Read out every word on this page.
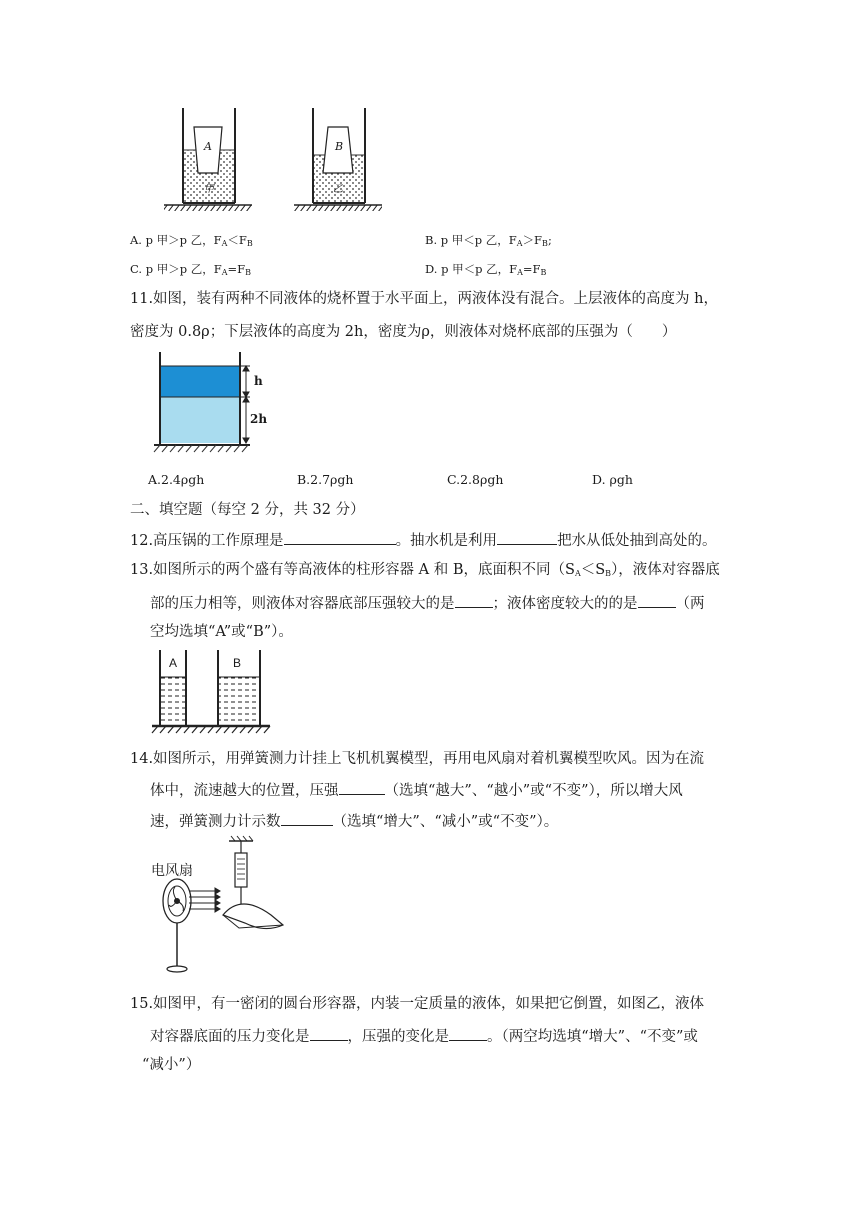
A
甲
B
乙
A. p 甲＞p 乙，$F_A<F_B$	B. p 甲＜p 乙，$F_A>F_B$;
C. p 甲＞p 乙，$F_A=F_B$	D. p 甲＜p 乙，$F_A=F_B$
11.如图，装有两种不同液体的烧杯置于水平面上，两液体没有混合。上层液体的高度为 h，
密度为 0.8ρ；下层液体的高度为 2h，密度为ρ，则液体对烧杯底部的压强为（　　）
h
2h
A.2.4ρgh	B.2.7ρgh	C.2.8ρgh	D. ρgh
二、填空题（每空 2 分，共 32 分）
12.高压锅的工作原理是	。抽水机是利用	把水从低处抽到高处的。
13.如图所示的两个盛有等高液体的柱形容器 A 和 B，底面积不同$(S_A<S_B)$，液体对容器底
部的压力相等，则液体对容器底部压强较大的是	；液体密度较大的的是	（两
空均选填“A”或“B”）。
A	B
14.如图所示，用弹簧测力计挂上飞机机翼模型，再用电风扇对着机翼模型吹风。因为在流
体中，流速越大的位置，压强	（选填“越大”、“越小”或“不变”），所以增大风
速，弹簧测力计示数	（选填“增大”、“减小”或“不变”）。
电风扇
15.如图甲，有一密闭的圆台形容器，内装一定质量的液体，如果把它倒置，如图乙，液体
对容器底面的压力变化是	，压强的变化是	。（两空均选填“增大”、“不变”或
“减小”）
